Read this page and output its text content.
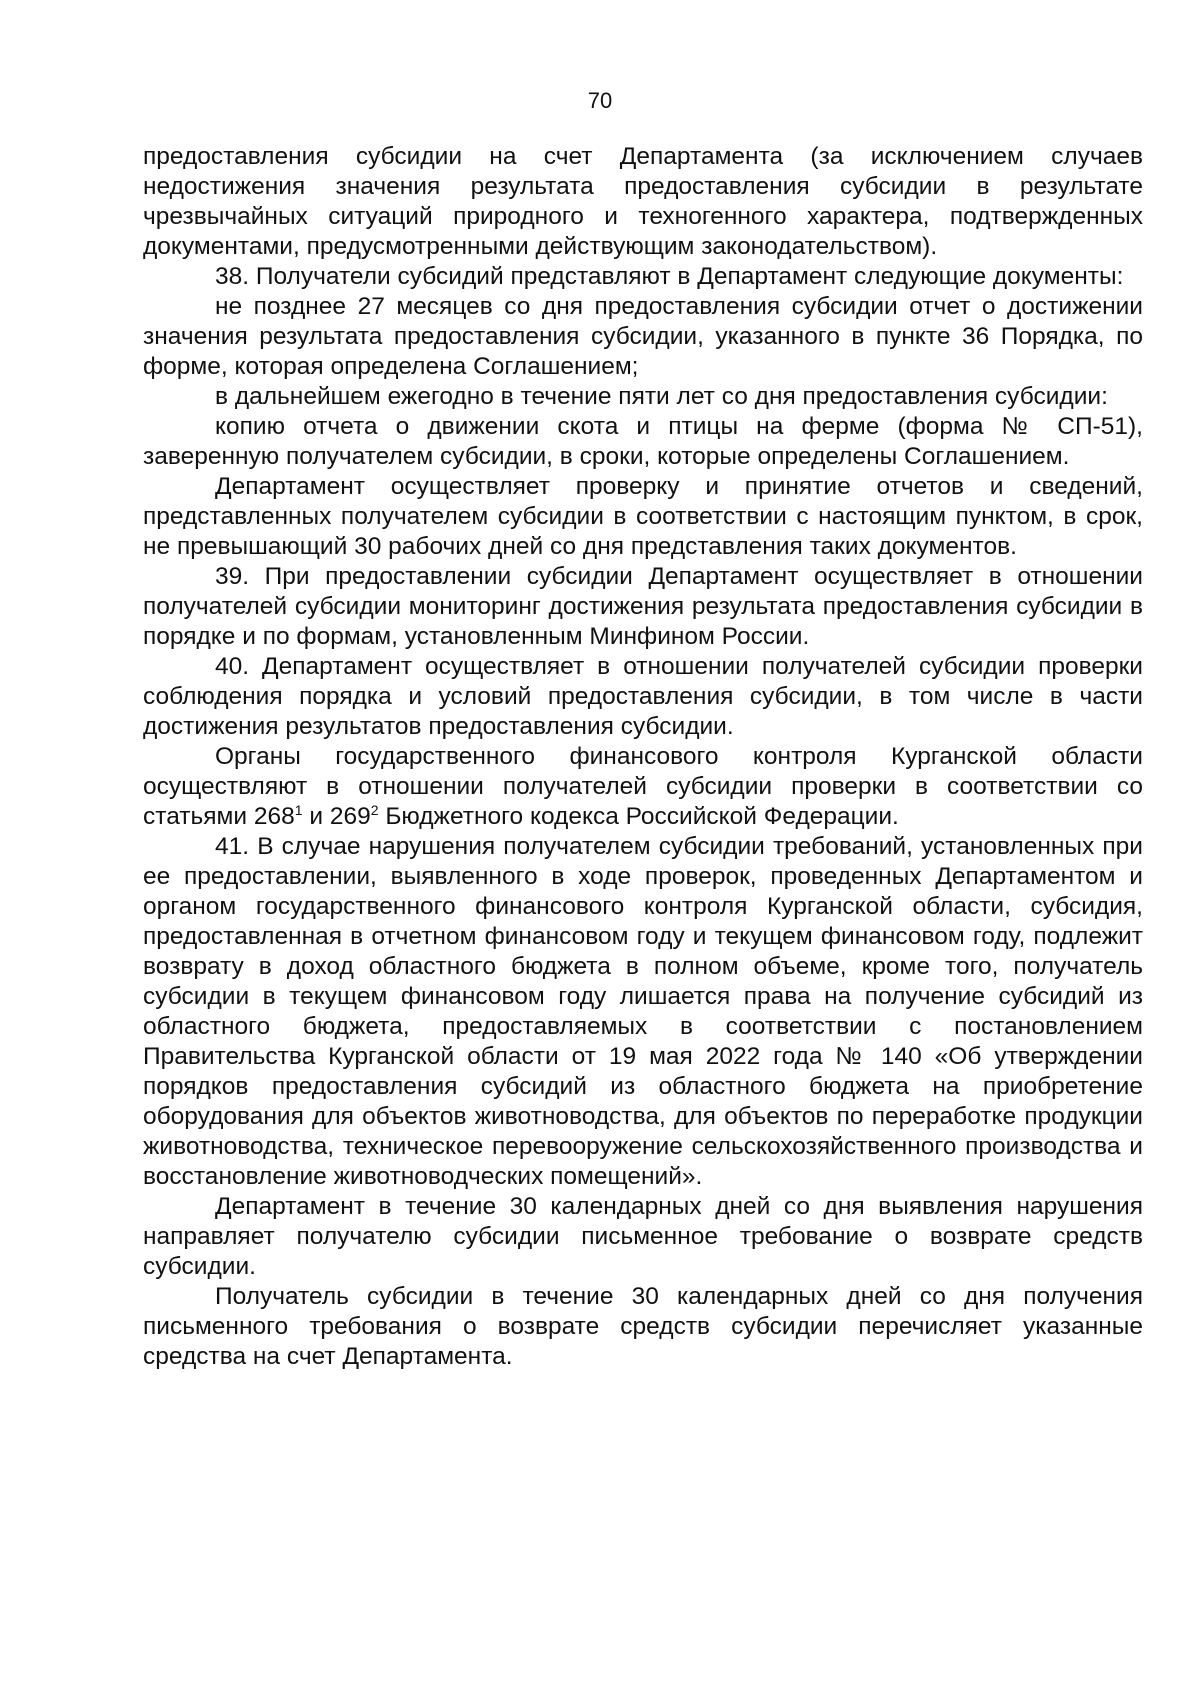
70

предоставления субсидии на счет Департамента (за исключением случаев недостижения значения результата предоставления субсидии в результате чрезвычайных ситуаций природного и техногенного характера, подтвержденных документами, предусмотренными действующим законодательством).

38. Получатели субсидий представляют в Департамент следующие документы:

не позднее 27 месяцев со дня предоставления субсидии отчет о достижении значения результата предоставления субсидии, указанного в пункте 36 Порядка, по форме, которая определена Соглашением;

в дальнейшем ежегодно в течение пяти лет со дня предоставления субсидии:

копию отчета о движении скота и птицы на ферме (форма № СП-51), заверенную получателем субсидии, в сроки, которые определены Соглашением.

Департамент осуществляет проверку и принятие отчетов и сведений, представленных получателем субсидии в соответствии с настоящим пунктом, в срок, не превышающий 30 рабочих дней со дня представления таких документов.

39. При предоставлении субсидии Департамент осуществляет в отношении получателей субсидии мониторинг достижения результата предоставления субсидии в порядке и по формам, установленным Минфином России.

40. Департамент осуществляет в отношении получателей субсидии проверки соблюдения порядка и условий предоставления субсидии, в том числе в части достижения результатов предоставления субсидии.

Органы государственного финансового контроля Курганской области осуществляют в отношении получателей субсидии проверки в соответствии со статьями $268^1$ и $269^2$ Бюджетного кодекса Российской Федерации.

41. В случае нарушения получателем субсидии требований, установленных при ее предоставлении, выявленного в ходе проверок, проведенных Департаментом и органом государственного финансового контроля Курганской области, субсидия, предоставленная в отчетном финансовом году и текущем финансовом году, подлежит возврату в доход областного бюджета в полном объеме, кроме того, получатель субсидии в текущем финансовом году лишается права на получение субсидий из областного бюджета, предоставляемых в соответствии с постановлением Правительства Курганской области от 19 мая 2022 года № 140 «Об утверждении порядков предоставления субсидий из областного бюджета на приобретение оборудования для объектов животноводства, для объектов по переработке продукции животноводства, техническое перевооружение сельскохозяйственного производства и восстановление животноводческих помещений».

Департамент в течение 30 календарных дней со дня выявления нарушения направляет получателю субсидии письменное требование о возврате средств субсидии.

Получатель субсидии в течение 30 календарных дней со дня получения письменного требования о возврате средств субсидии перечисляет указанные средства на счет Департамента.
